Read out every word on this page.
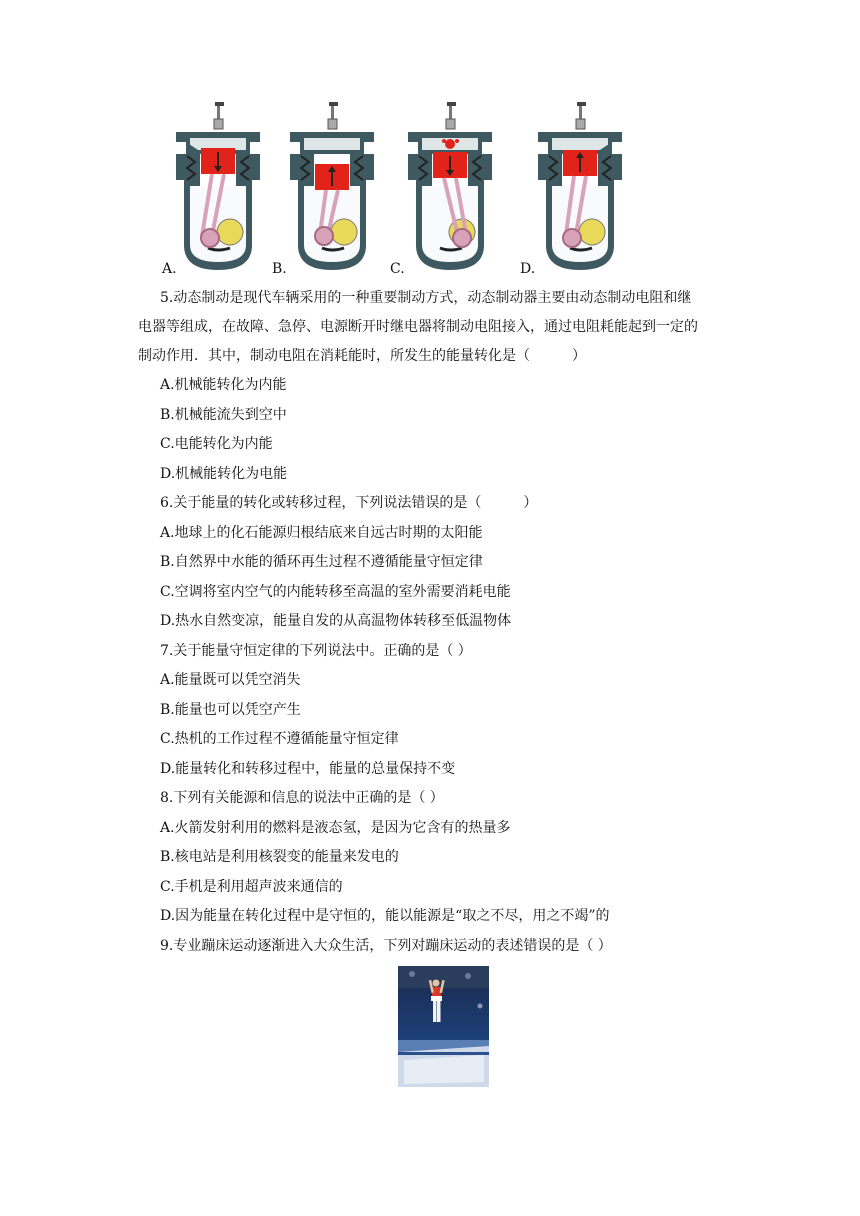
A.	B.	C.	D.
5.动态制动是现代车辆采用的一种重要制动方式，动态制动器主要由动态制动电阻和继
电器等组成，在故障、急停、电源断开时继电器将制动电阻接入，通过电阻耗能起到一定的
制动作用．其中，制动电阻在消耗能时，所发生的能量转化是（　　　）
A.机械能转化为内能
B.机械能流失到空中
C.电能转化为内能
D.机械能转化为电能
6.关于能量的转化或转移过程，下列说法错误的是（　　　）
A.地球上的化石能源归根结底来自远古时期的太阳能
B.自然界中水能的循环再生过程不遵循能量守恒定律
C.空调将室内空气的内能转移至高温的室外需要消耗电能
D.热水自然变凉，能量自发的从高温物体转移至低温物体
7.关于能量守恒定律的下列说法中。正确的是（ ）
A.能量既可以凭空消失
B.能量也可以凭空产生
C.热机的工作过程不遵循能量守恒定律
D.能量转化和转移过程中，能量的总量保持不变
8.下列有关能源和信息的说法中正确的是（ ）
A.火箭发射利用的燃料是液态氢，是因为它含有的热量多
B.核电站是利用核裂变的能量来发电的
C.手机是利用超声波来通信的
D.因为能量在转化过程中是守恒的，能以能源是“取之不尽，用之不竭”的
9.专业蹦床运动逐渐进入大众生活，下列对蹦床运动的表述错误的是（ ）
